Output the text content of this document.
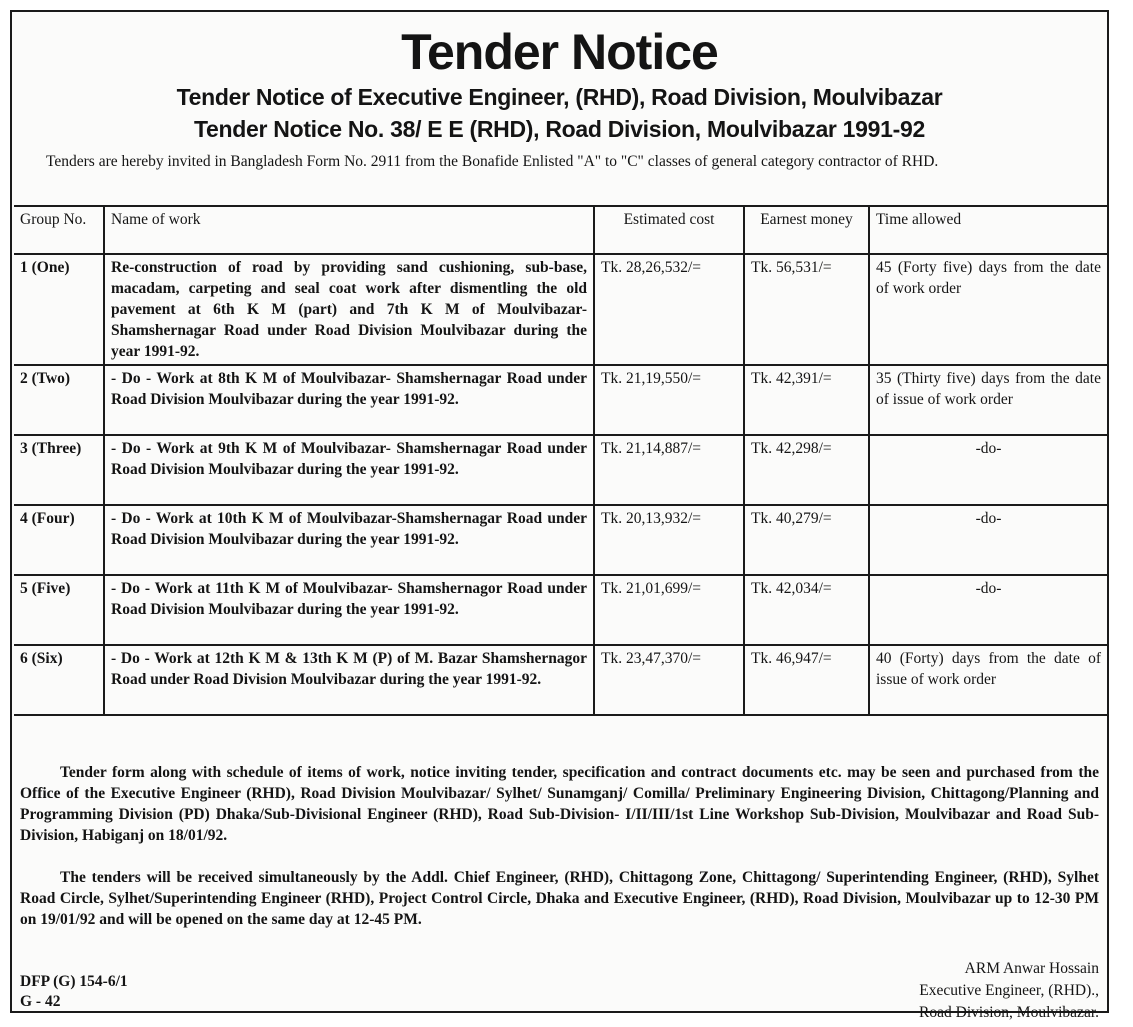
Tender Notice
Tender Notice of Executive Engineer, (RHD), Road Division, Moulvibazar
Tender Notice No. 38/ E E (RHD), Road Division, Moulvibazar 1991-92
Tenders are hereby invited in Bangladesh Form No. 2911 from the Bonafide Enlisted "A" to "C" classes of general category contractor of RHD.
Group No.	Name of work	Estimated cost	Earnest money	Time allowed
1 (One)	Re-construction of road by providing sand cushioning, sub-base, macadam, carpeting and seal coat work after dismentling the old pavement at 6th K M (part) and 7th K M of Moulvibazar-Shamshernagar Road under Road Division Moulvibazar during the year 1991-92.	Tk. 28,26,532/=	Tk. 56,531/=	45 (Forty five) days from the date of work order
2 (Two)	- Do - Work at 8th K M of Moulvibazar- Shamshernagar Road under Road Division Moulvibazar during the year 1991-92.	Tk. 21,19,550/=	Tk. 42,391/=	35 (Thirty five) days from the date of issue of work order
3 (Three)	- Do - Work at 9th K M of Moulvibazar- Shamshernagar Road under Road Division Moulvibazar during the year 1991-92.	Tk. 21,14,887/=	Tk. 42,298/=	-do-
4 (Four)	- Do - Work at 10th K M of Moulvibazar-Shamshernagar Road under Road Division Moulvibazar during the year 1991-92.	Tk. 20,13,932/=	Tk. 40,279/=	-do-
5 (Five)	- Do - Work at 11th K M of Moulvibazar- Shamshernagor Road under Road Division Moulvibazar during the year 1991-92.	Tk. 21,01,699/=	Tk. 42,034/=	-do-
6 (Six)	- Do - Work at 12th K M & 13th K M (P) of M. Bazar Shamshernagor Road under Road Division Moulvibazar during the year 1991-92.	Tk. 23,47,370/=	Tk. 46,947/=	40 (Forty) days from the date of issue of work order
Tender form along with schedule of items of work, notice inviting tender, specification and contract documents etc. may be seen and purchased from the Office of the Executive Engineer (RHD), Road Division Moulvibazar/ Sylhet/ Sunamganj/ Comilla/ Preliminary Engineering Division, Chittagong/Planning and Programming Division (PD) Dhaka/Sub-Divisional Engineer (RHD), Road Sub-Division- I/II/III/1st Line Workshop Sub-Division, Moulvibazar and Road Sub-Division, Habiganj on 18/01/92.
The tenders will be received simultaneously by the Addl. Chief Engineer, (RHD), Chittagong Zone, Chittagong/ Superintending Engineer, (RHD), Sylhet Road Circle, Sylhet/Superintending Engineer (RHD), Project Control Circle, Dhaka and Executive Engineer, (RHD), Road Division, Moulvibazar up to 12-30 PM on 19/01/92 and will be opened on the same day at 12-45 PM.
DFP (G) 154-6/1
G - 42
ARM Anwar Hossain
Executive Engineer, (RHD).,
Road Division, Moulvibazar.
